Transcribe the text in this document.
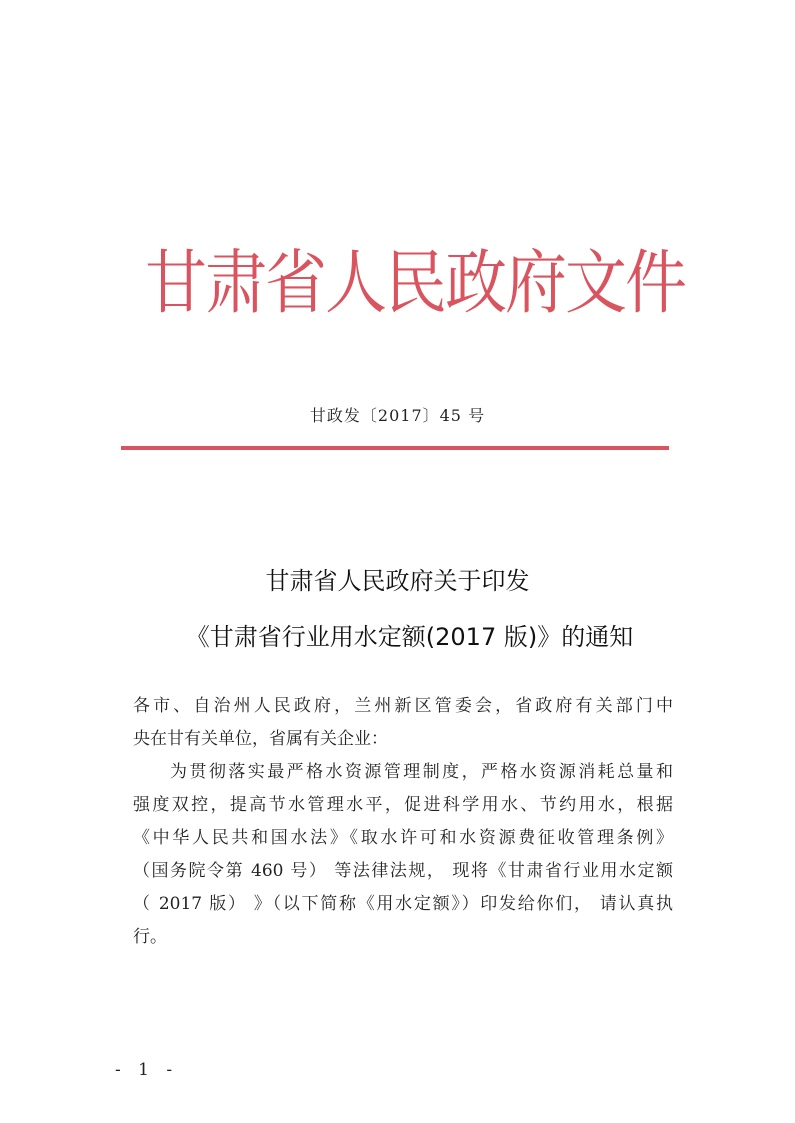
甘肃省人民政府文件
甘政发〔2017〕45 号
甘肃省人民政府关于印发
《甘肃省行业用水定额(2017 版)》的通知
各市、自治州人民政府，兰州新区管委会，省政府有关部门中
央在甘有关单位，省属有关企业：
为贯彻落实最严格水资源管理制度，严格水资源消耗总量和
强度双控，提高节水管理水平，促进科学用水、节约用水，根据
《中华人民共和国水法》《取水许可和水资源费征收管理条例》
（国务院令第 460 号） 等法律法规， 现将《甘肃省行业用水定额
（ 2017 版） 》（以下简称《用水定额》）印发给你们， 请认真执
行。
- 1 -
